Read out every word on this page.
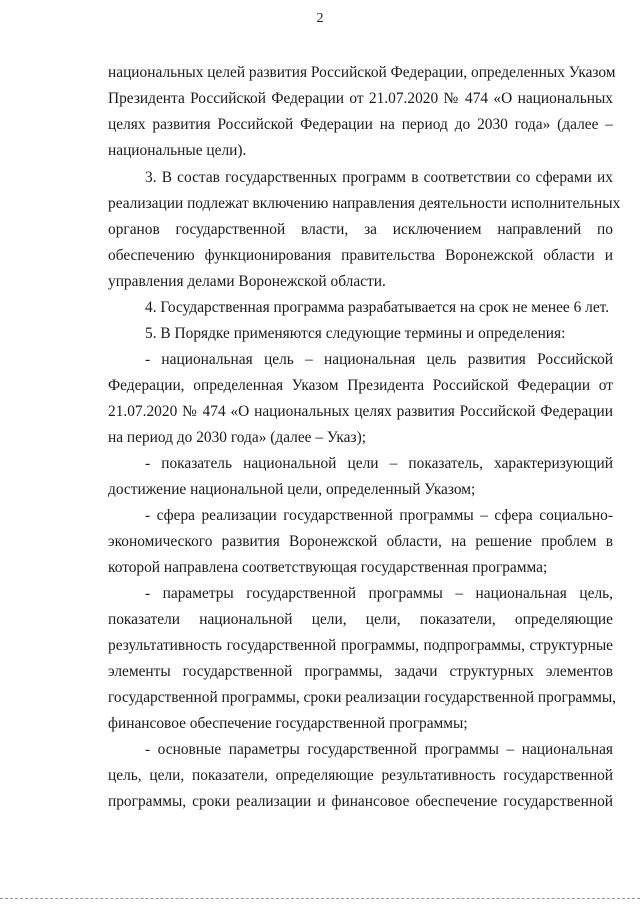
2
национальных целей развития Российской Федерации, определенных Указом
Президента Российской Федерации от 21.07.2020 № 474 «О национальных
целях развития Российской Федерации на период до 2030 года» (далее –
национальные цели).
3. В состав государственных программ в соответствии со сферами их
реализации подлежат включению направления деятельности исполнительных
органов государственной власти, за исключением направлений по
обеспечению функционирования правительства Воронежской области и
управления делами Воронежской области.
4. Государственная программа разрабатывается на срок не менее 6 лет.
5. В Порядке применяются следующие термины и определения:
- национальная цель – национальная цель развития Российской
Федерации, определенная Указом Президента Российской Федерации от
21.07.2020 № 474 «О национальных целях развития Российской Федерации
на период до 2030 года» (далее – Указ);
- показатель национальной цели – показатель, характеризующий
достижение национальной цели, определенный Указом;
- сфера реализации государственной программы – сфера социально-
экономического развития Воронежской области, на решение проблем в
которой направлена соответствующая государственная программа;
- параметры государственной программы – национальная цель,
показатели национальной цели, цели, показатели, определяющие
результативность государственной программы, подпрограммы, структурные
элементы государственной программы, задачи структурных элементов
государственной программы, сроки реализации государственной программы,
финансовое обеспечение государственной программы;
- основные параметры государственной программы – национальная
цель, цели, показатели, определяющие результативность государственной
программы, сроки реализации и финансовое обеспечение государственной
